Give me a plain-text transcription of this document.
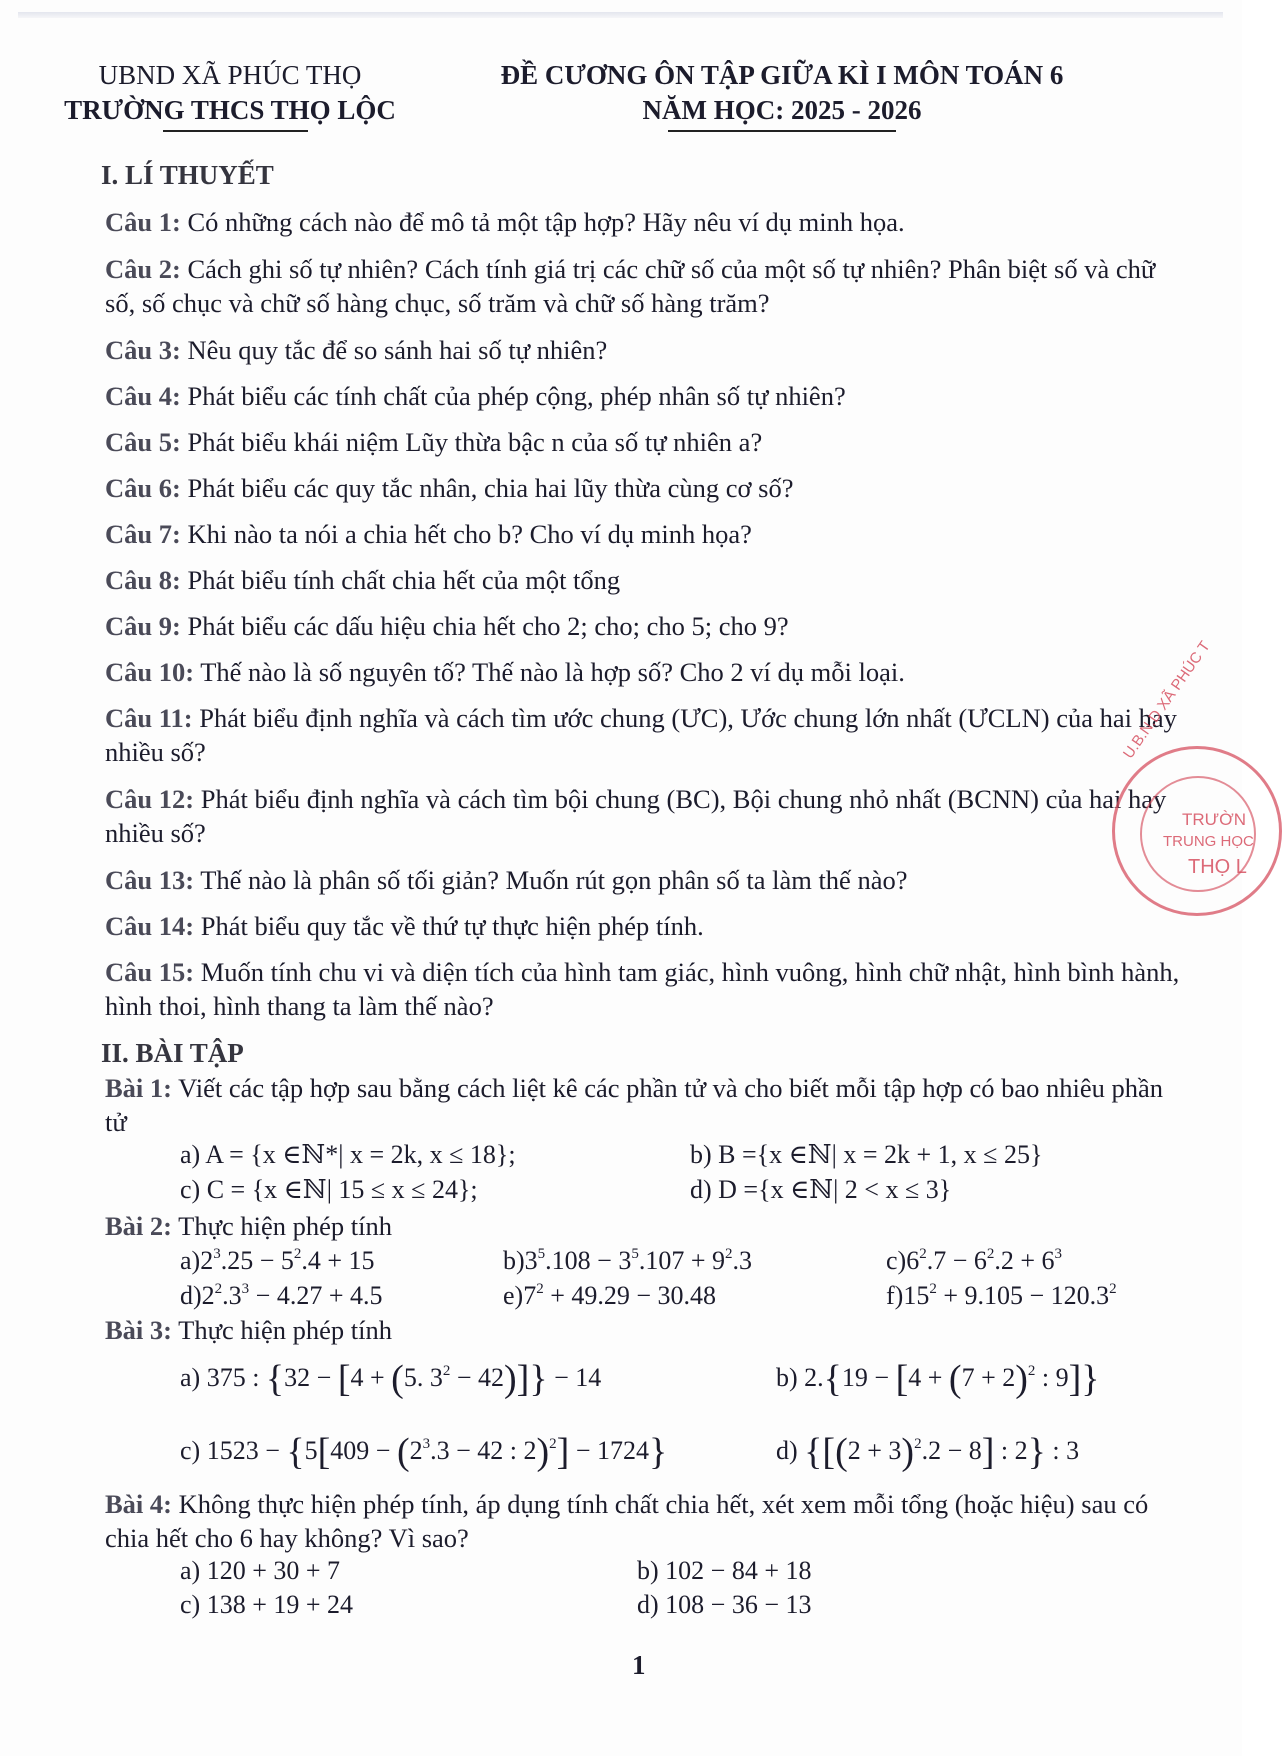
UBND XÃ PHÚC THỌ
TRƯỜNG THCS THỌ LỘC
ĐỀ CƯƠNG ÔN TẬP GIỮA KÌ I MÔN TOÁN 6
NĂM HỌC: 2025 - 2026
I. LÍ THUYẾT
Câu 1: Có những cách nào để mô tả một tập hợp? Hãy nêu ví dụ minh họa.
Câu 2: Cách ghi số tự nhiên? Cách tính giá trị các chữ số của một số tự nhiên? Phân biệt số và chữ số, số chục và chữ số hàng chục, số trăm và chữ số hàng trăm?
Câu 3: Nêu quy tắc để so sánh hai số tự nhiên?
Câu 4: Phát biểu các tính chất của phép cộng, phép nhân số tự nhiên?
Câu 5: Phát biểu khái niệm Lũy thừa bậc n của số tự nhiên a?
Câu 6: Phát biểu các quy tắc nhân, chia hai lũy thừa cùng cơ số?
Câu 7: Khi nào ta nói a chia hết cho b? Cho ví dụ minh họa?
Câu 8: Phát biểu tính chất chia hết của một tổng
Câu 9: Phát biểu các dấu hiệu chia hết cho 2; cho; cho 5; cho 9?
Câu 10: Thế nào là số nguyên tố? Thế nào là hợp số? Cho 2 ví dụ mỗi loại.
Câu 11: Phát biểu định nghĩa và cách tìm ước chung (ƯC), Ước chung lớn nhất (ƯCLN) của hai hay nhiều số?
Câu 12: Phát biểu định nghĩa và cách tìm bội chung (BC), Bội chung nhỏ nhất (BCNN) của hai hay nhiều số?
Câu 13: Thế nào là phân số tối giản? Muốn rút gọn phân số ta làm thế nào?
Câu 14: Phát biểu quy tắc về thứ tự thực hiện phép tính.
Câu 15: Muốn tính chu vi và diện tích của hình tam giác, hình vuông, hình chữ nhật, hình bình hành, hình thoi, hình thang ta làm thế nào?
II. BÀI TẬP
Bài 1: Viết các tập hợp sau bằng cách liệt kê các phần tử và cho biết mỗi tập hợp có bao nhiêu phần tử
a) A = {x ∈ℕ*| x = 2k, x ≤ 18};	b) B ={x ∈ℕ| x = 2k + 1, x ≤ 25}
c) C = {x ∈ℕ| 15 ≤ x ≤ 24};	d) D ={x ∈ℕ| 2 < x ≤ 3}
Bài 2: Thực hiện phép tính
$a)2^3.25 - 5^2.4 + 15$	$b)3^5.108 - 3^5.107 + 9^2.3$	$c)6^2.7 - 6^2.2 + 6^3$
$d)2^2.3^3 - 4.27 + 4.5$	$e)7^2 + 49.29 - 30.48$	$f)15^2 + 9.105 - 120.3^2$
Bài 3: Thực hiện phép tính
a) 375 : {32 − [4 + (5. $3^2 - 42)]\} - 14$	b) $2.\{19 - [4 + (7 + 2)^2$ : 9]}
c) $1523 - \{5[409 - (2^3.3 - 42$ : 2)$^2$] − 1724}	d) {$[(2 + 3)^2.2 - 8]$ : 2} : 3
Bài 4: Không thực hiện phép tính, áp dụng tính chất chia hết, xét xem mỗi tổng (hoặc hiệu) sau có chia hết cho 6 hay không? Vì sao?
a) 120 + 30 + 7	b) 102 − 84 + 18
c) 138 + 19 + 24	d) 108 − 36 − 13
1
U.B.N.D XÃ PHÚC T
TRƯỜN
TRUNG HỌC
THỌ L
